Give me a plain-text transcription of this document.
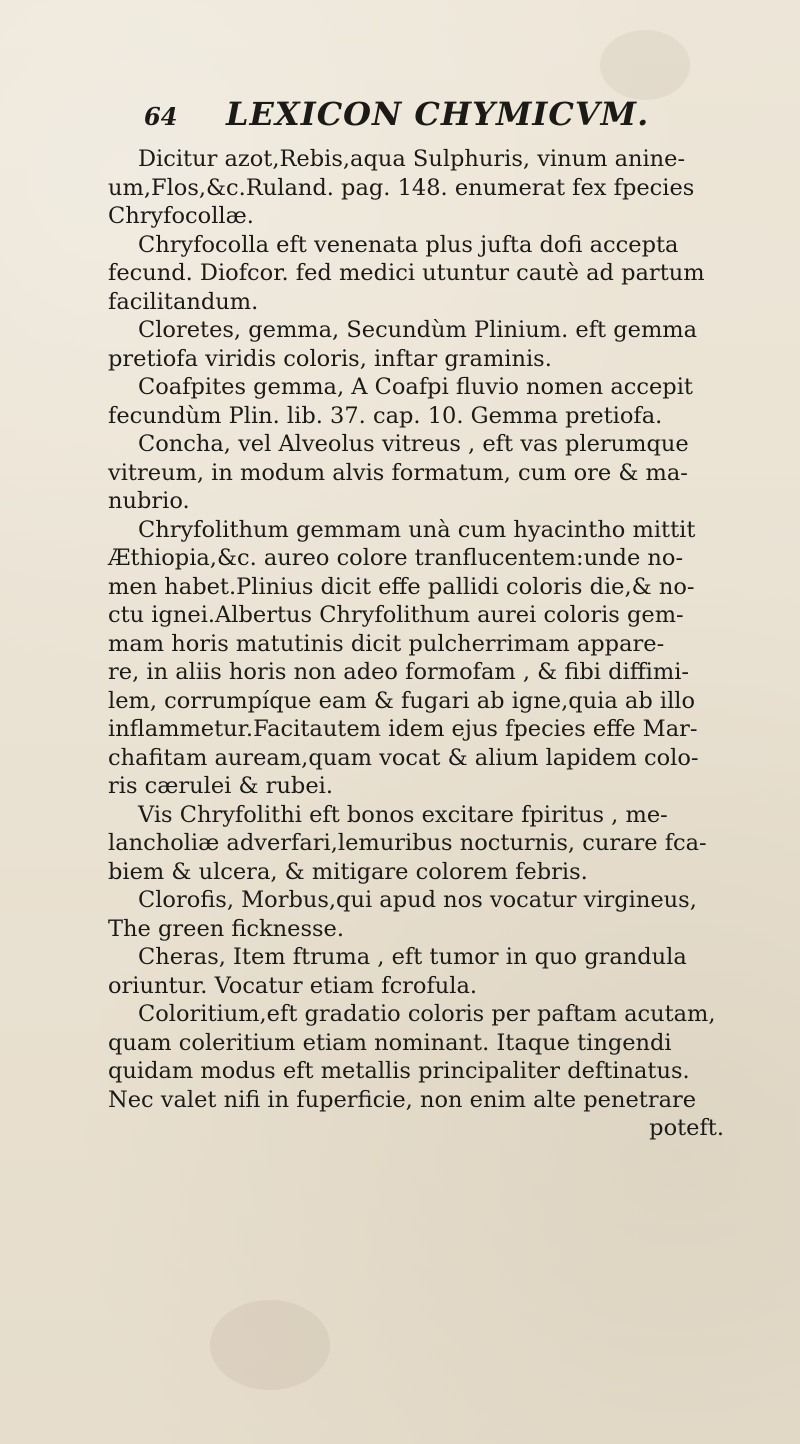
64	LEXICON CHYMICVM.
Dicitur azot,Rebis,aqua Sulphuris, vinum anine-
um,Flos,&c.Ruland. pag. 148. enumerat fex fpecies
Chryfocollæ.
Chryfocolla eft venenata plus jufta dofi accepta
fecund. Diofcor. fed medici utuntur cautè ad partum
facilitandum.
Cloretes, gemma, Secundùm Plinium. eft gemma
pretiofa viridis coloris, inftar graminis.
Coafpites gemma, A Coafpi fluvio nomen accepit
fecundùm Plin. lib. 37. cap. 10. Gemma pretiofa.
Concha, vel Alveolus vitreus , eft vas plerumque
vitreum, in modum alvis formatum, cum ore & ma-
nubrio.
Chryfolithum gemmam unà cum hyacintho mittit
Æthiopia,&c. aureo colore tranflucentem:unde no-
men habet.Plinius dicit effe pallidi coloris die,& no-
ctu ignei.Albertus Chryfolithum aurei coloris gem-
mam horis matutinis dicit pulcherrimam appare-
re, in aliis horis non adeo formofam , & fibi diffimi-
lem, corrumpíque eam & fugari ab igne,quia ab illo
inflammetur.Facitautem idem ejus fpecies effe Mar-
chafitam auream,quam vocat & alium lapidem colo-
ris cærulei & rubei.
Vis Chryfolithi eft bonos excitare fpiritus , me-
lancholiæ adverfari,lemuribus nocturnis, curare fca-
biem & ulcera, & mitigare colorem febris.
Clorofis, Morbus,qui apud nos vocatur virgineus,
The green ficknesse.
Cheras, Item ftruma , eft tumor in quo grandula
oriuntur. Vocatur etiam fcrofula.
Coloritium,eft gradatio coloris per paftam acutam,
quam coleritium etiam nominant. Itaque tingendi
quidam modus eft metallis principaliter deftinatus.
Nec valet nifi in fuperficie, non enim alte penetrare
poteft.
